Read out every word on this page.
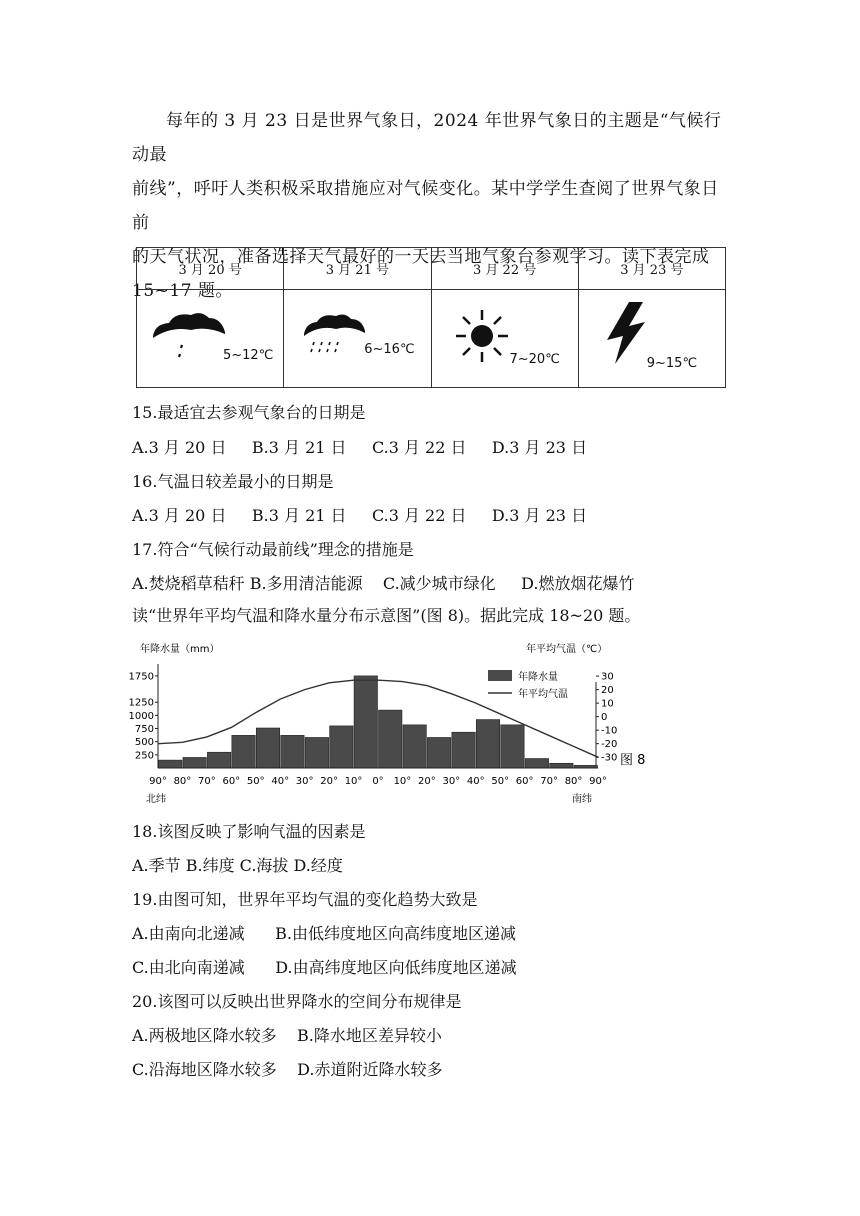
每年的 3 月 23 日是世界气象日，2024 年世界气象日的主题是“气候行动最
前线”，呼吁人类积极采取措施应对气候变化。某中学学生查阅了世界气象日前
的天气状况，准备选择天气最好的一天去当地气象台参观学习。读下表完成
15~17 题。
3 月 20 号	3 月 21 号	3 月 22 号	3 月 23 号

5~12℃	6~16℃	7~20℃	9~15℃
15.最适宜去参观气象台的日期是
A.3 月 20 日     B.3 月 21 日     C.3 月 22 日     D.3 月 23 日
16.气温日较差最小的日期是
A.3 月 20 日     B.3 月 21 日     C.3 月 22 日     D.3 月 23 日
17.符合“气候行动最前线”理念的措施是
A.焚烧稻草秸秆 B.多用清洁能源    C.减少城市绿化     D.燃放烟花爆竹
读“世界年平均气温和降水量分布示意图”(图 8)。据此完成 18~20 题。
年降水量（mm）	年平均气温（℃）
250
500
750
1000
1250
1750	30
20
10
0
-10
-20
-30
90° 80° 70° 60° 50° 40° 30° 20° 10° 0° 10° 20° 30° 40° 50° 60° 70° 80° 90°
北纬	南纬
年降水量
年平均气温
图 8
18.该图反映了影响气温的因素是
A.季节 B.纬度 C.海拔 D.经度
19.由图可知，世界年平均气温的变化趋势大致是
A.由南向北递减      B.由低纬度地区向高纬度地区递减
C.由北向南递减      D.由高纬度地区向低纬度地区递减
20.该图可以反映出世界降水的空间分布规律是
A.两极地区降水较多    B.降水地区差异较小
C.沿海地区降水较多    D.赤道附近降水较多
